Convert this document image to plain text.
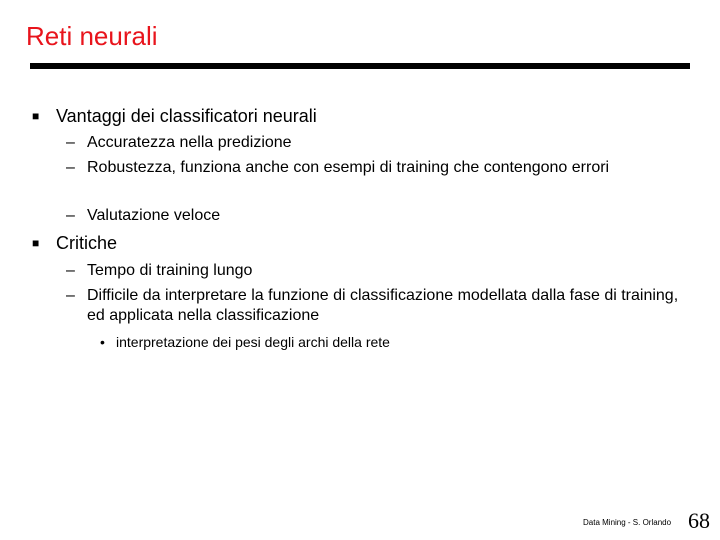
Reti neurali
■ Vantaggi dei classificatori neurali
– Accuratezza nella predizione
– Robustezza, funziona anche con esempi di training che contengono errori
– Valutazione veloce
■ Critiche
– Tempo di training lungo
– Difficile da interpretare la funzione di classificazione modellata dalla fase di training, ed applicata nella classificazione
• interpretazione dei pesi degli archi della rete
Data Mining - S. Orlando 68
